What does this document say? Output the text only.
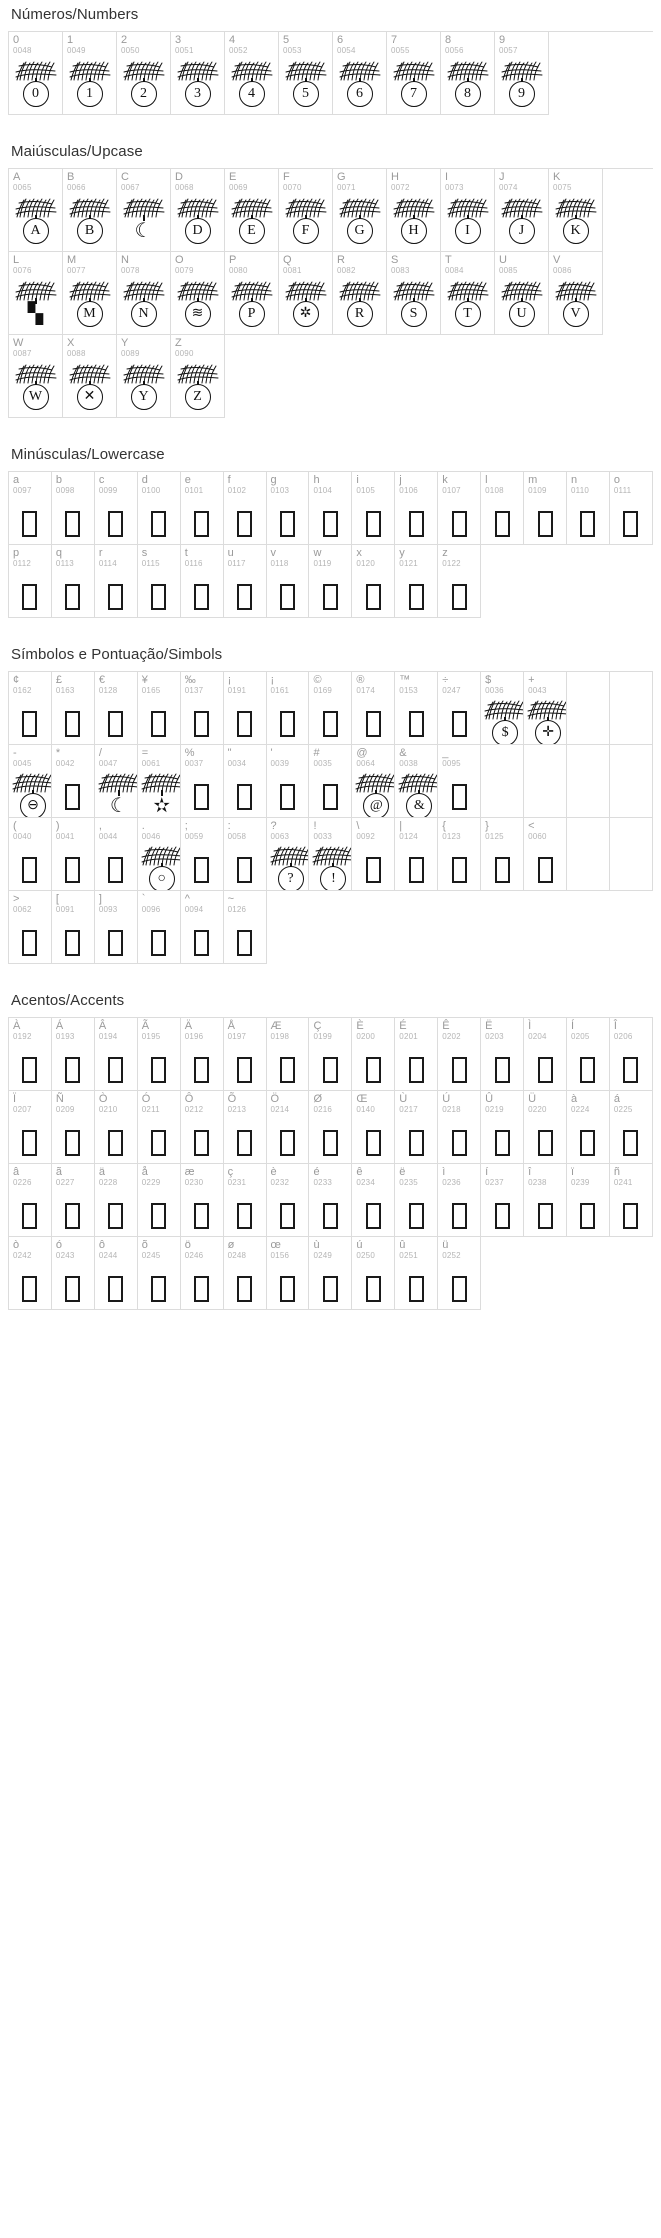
Números/Numbers
0
0048
0
1
0049
1
2
0050
2
3
0051
3
4
0052
4
5
0053
5
6
0054
6
7
0055
7
8
0056
8
9
0057
9
Maiúsculas/Upcase
A
0065
A
B
0066
B
C
0067
☾
D
0068
D
E
0069
E
F
0070
F
G
0071
G
H
0072
H
I
0073
I
J
0074
J
K
0075
K
L
0076
▚
M
0077
M
N
0078
N
O
0079
≋
P
0080
P
Q
0081
✲
R
0082
R
S
0083
S
T
0084
T
U
0085
U
V
0086
V
W
0087
W
X
0088
✕
Y
0089
Y
Z
0090
Z
Minúsculas/Lowercase
a
0097
b
0098
c
0099
d
0100
e
0101
f
0102
g
0103
h
0104
i
0105
j
0106
k
0107
l
0108
m
0109
n
0110
o
0111
p
0112
q
0113
r
0114
s
0115
t
0116
u
0117
v
0118
w
0119
x
0120
y
0121
z
0122
Símbolos e Pontuação/Simbols
¢
0162
£
0163
€
0128
¥
0165
‰
0137
¡
0191
¡
0161
©
0169
®
0174
™
0153
÷
0247
$
0036
$
+
0043
✛
-
0045
⊖
*
0042
/
0047
☾
=
0061
✫
%
0037
"
0034
'
0039
#
0035
@
0064
@
&
0038
&
_
0095
(
0040
)
0041
,
0044
.
0046
○
;
0059
:
0058
?
0063
?
!
0033
!
\
0092
|
0124
{
0123
}
0125
<
0060
>
0062
[
0091
]
0093
`
0096
^
0094
~
0126
Acentos/Accents
À
0192
Á
0193
Â
0194
Ã
0195
Ä
0196
Å
0197
Æ
0198
Ç
0199
È
0200
É
0201
Ê
0202
Ë
0203
Ì
0204
Í
0205
Î
0206
Ï
0207
Ñ
0209
Ò
0210
Ó
0211
Ô
0212
Õ
0213
Ö
0214
Ø
0216
Œ
0140
Ù
0217
Ú
0218
Û
0219
Ü
0220
à
0224
á
0225
â
0226
ã
0227
ä
0228
å
0229
æ
0230
ç
0231
è
0232
é
0233
ê
0234
ë
0235
ì
0236
í
0237
î
0238
ï
0239
ñ
0241
ò
0242
ó
0243
ô
0244
õ
0245
ö
0246
ø
0248
œ
0156
ù
0249
ú
0250
û
0251
ü
0252
